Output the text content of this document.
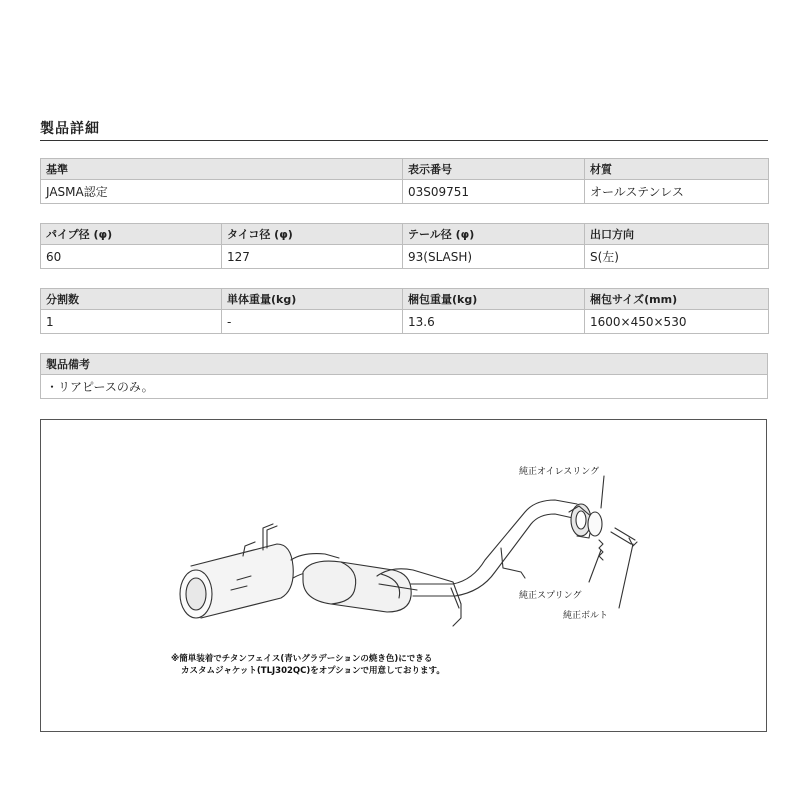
製品詳細
基準	表示番号	材質
JASMA認定	03S09751	オールステンレス
パイプ径 (φ)	タイコ径 (φ)	テール径 (φ)	出口方向
60	127	93(SLASH)	S(左)
分割数	単体重量(kg)	梱包重量(kg)	梱包サイズ(mm)
1	-	13.6	1600×450×530
製品備考
・リアピースのみ。
純正オイレスリング
純正スプリング
純正ボルト
※簡単装着でチタンフェイス(青いグラデーションの焼き色)にできる
カスタムジャケット(TLJ302QC)をオプションで用意しております。
